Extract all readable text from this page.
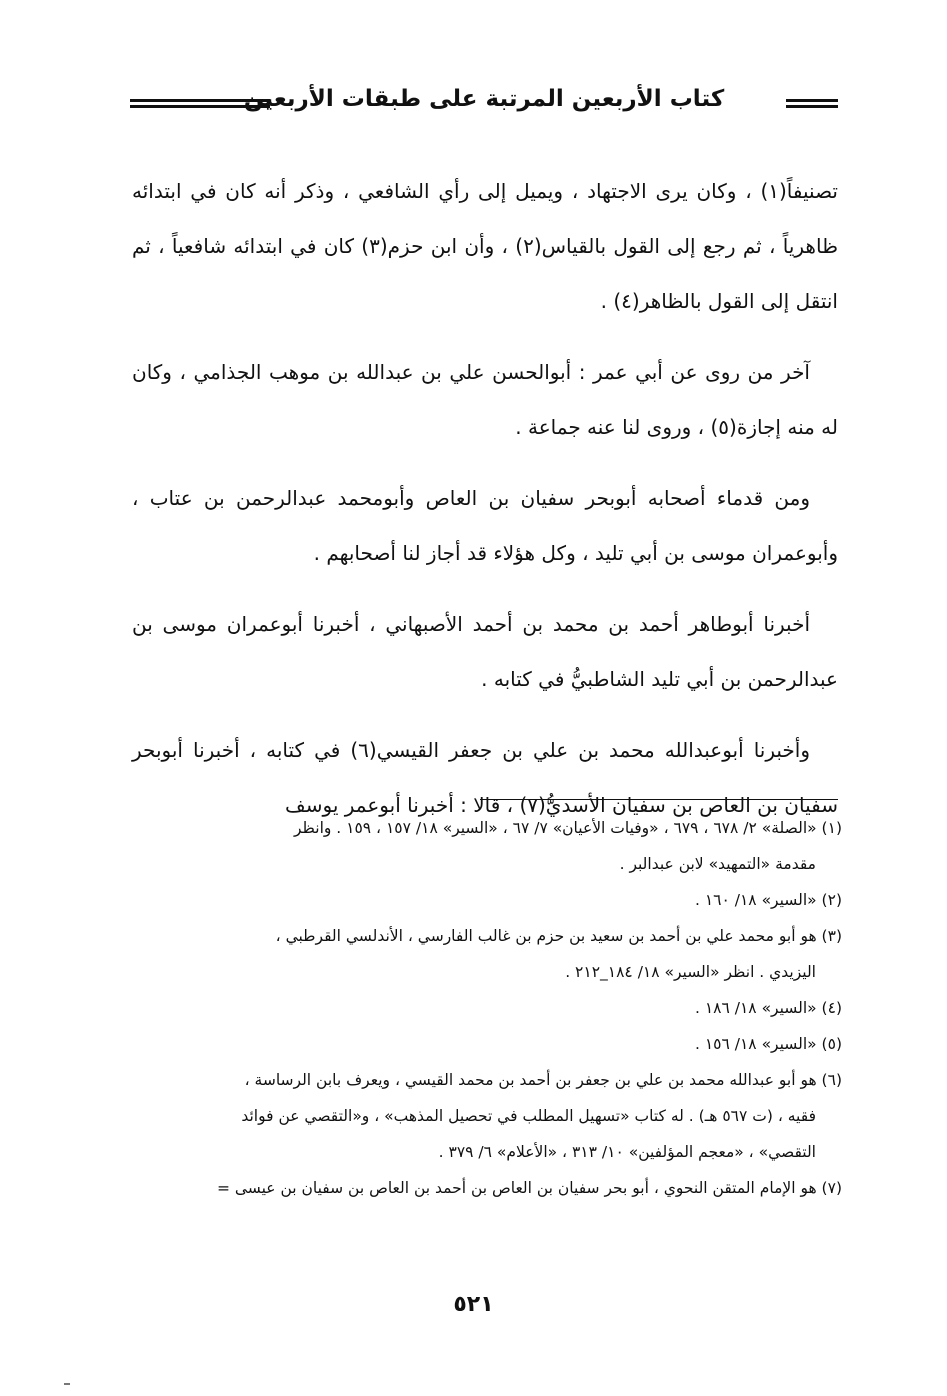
كتاب الأربعين المرتبة على طبقات الأربعين

تصنيفاً(١) ، وكان يرى الاجتهاد ، ويميل إلى رأي الشافعي ، وذكر أنه كان في ابتدائه ظاهرياً ، ثم رجع إلى القول بالقياس(٢) ، وأن ابن حزم(٣) كان في ابتدائه شافعياً ، ثم انتقل إلى القول بالظاهر(٤) .

آخر من روى عن أبي عمر : أبوالحسن علي بن عبدالله بن موهب الجذامي ، وكان له منه إجازة(٥) ، وروى لنا عنه جماعة .

ومن قدماء أصحابه أبوبحر سفيان بن العاص وأبومحمد عبدالرحمن بن عتاب ، وأبوعمران موسى بن أبي تليد ، وكل هؤلاء قد أجاز لنا أصحابهم .

أخبرنا أبوطاهر أحمد بن محمد بن أحمد الأصبهاني ، أخبرنا أبوعمران موسى بن عبدالرحمن بن أبي تليد الشاطبيُّ في كتابه .

وأخبرنا أبوعبدالله محمد بن علي بن جعفر القيسي(٦) في كتابه ، أخبرنا أبوبحر سفيان بن العاص بن سفيان الأسديُّ(٧) ، قالا : أخبرنا أبوعمر يوسف

(١) «الصلة» ٢/ ٦٧٨ ، ٦٧٩ ، «وفيات الأعيان» ٧/ ٦٧ ، «السير» ١٨/ ١٥٧ ، ١٥٩ . وانظر
مقدمة «التمهيد» لابن عبدالبر .
(٢) «السير» ١٨/ ١٦٠ .
(٣) هو أبو محمد علي بن أحمد بن سعيد بن حزم بن غالب الفارسي ، الأندلسي القرطبي ،
اليزيدي . انظر «السير» ١٨/ ١٨٤_٢١٢ .
(٤) «السير» ١٨/ ١٨٦ .
(٥) «السير» ١٨/ ١٥٦ .
(٦) هو أبو عبدالله محمد بن علي بن جعفر بن أحمد بن محمد القيسي ، ويعرف بابن الرساسة ،
فقيه ، (ت ٥٦٧ هـ) . له كتاب «تسهيل المطلب في تحصيل المذهب» ، و«التقصي عن فوائد
التقصي» ، «معجم المؤلفين» ١٠/ ٣١٣ ، «الأعلام» ٦/ ٣٧٩ .
(٧) هو الإمام المتقن النحوي ، أبو بحر سفيان بن العاص بن أحمد بن العاص بن سفيان بن عيسى =
٥٢١
